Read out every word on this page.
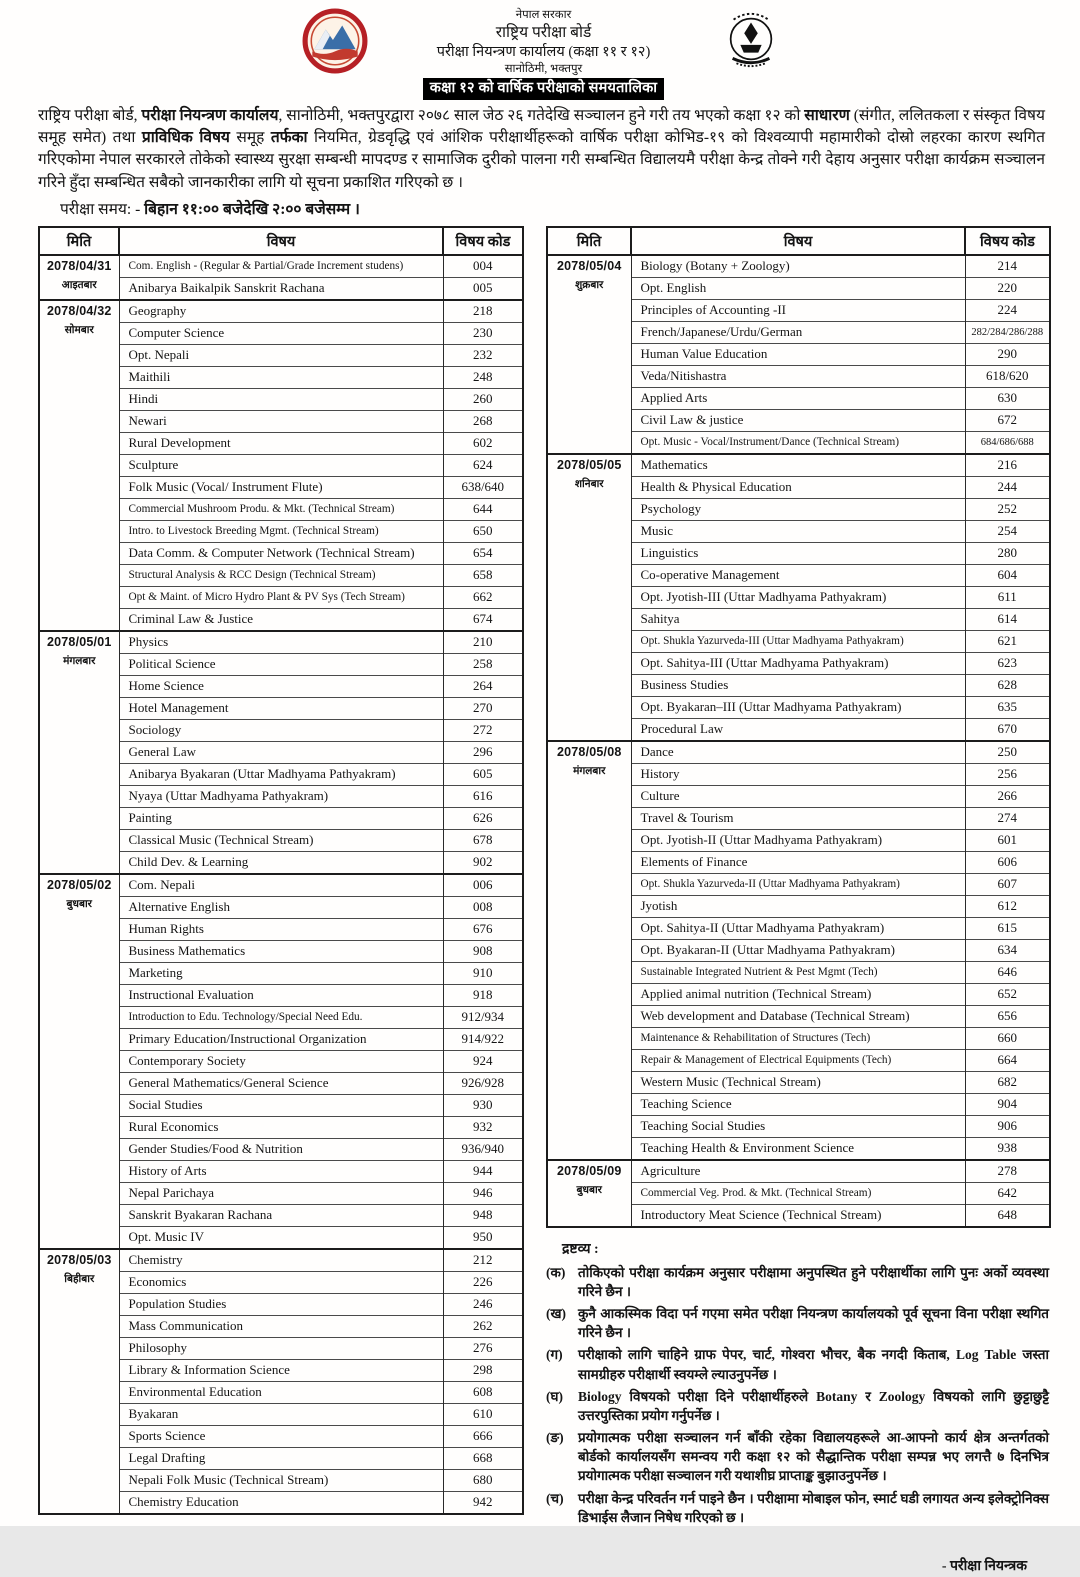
नेपाल सरकार
राष्ट्रिय परीक्षा बोर्ड
परीक्षा नियन्त्रण कार्यालय (कक्षा ११ र १२)
सानोठिमी, भक्तपुर
कक्षा १२ को वार्षिक परीक्षाको समयतालिका

राष्ट्रिय परीक्षा बोर्ड, परीक्षा नियन्त्रण कार्यालय, सानोठिमी, भक्तपुरद्वारा २०७८ साल जेठ २६ गतेदेखि सञ्चालन हुने गरी तय भएको कक्षा १२ को साधारण (संगीत, ललितकला र संस्कृत विषय समूह समेत) तथा प्राविधिक विषय समूह तर्फका नियमित, ग्रेडवृद्धि एवं आंशिक परीक्षार्थीहरूको वार्षिक परीक्षा कोभिड-१९ को विश्वव्यापी महामारीको दोस्रो लहरका कारण स्थगित गरिएकोमा नेपाल सरकारले तोकेको स्वास्थ्य सुरक्षा सम्बन्धी मापदण्ड र सामाजिक दुरीको पालना गरी सम्बन्धित विद्यालयमै परीक्षा केन्द्र तोक्ने गरी देहाय अनुसार परीक्षा कार्यक्रम सञ्चालन गरिने हुँदा सम्बन्धित सबैको जानकारीका लागि यो सूचना प्रकाशित गरिएको छ ।

परीक्षा समय: - बिहान ११:०० बजेदेखि २:०० बजेसम्म ।

मिति	विषय	विषय कोड

2078/04/31
आइतबार	Com. English - (Regular & Partial/Grade Increment studens)	004
	Anibarya Baikalpik Sanskrit Rachana	005

2078/04/32
सोमबार	Geography	218
	Computer Science	230
	Opt. Nepali	232
	Maithili	248
	Hindi	260
	Newari	268
	Rural Development	602
	Sculpture	624
	Folk Music (Vocal/ Instrument Flute)	638/640
	Commercial Mushroom Produ. & Mkt. (Technical Stream)	644
	Intro. to Livestock Breeding Mgmt. (Technical Stream)	650
	Data Comm. & Computer Network (Technical Stream)	654
	Structural Analysis & RCC Design (Technical Stream)	658
	Opt & Maint. of Micro Hydro Plant & PV Sys (Tech Stream)	662
	Criminal Law & Justice	674

2078/05/01
मंगलबार	Physics	210
	Political Science	258
	Home Science	264
	Hotel Management	270
	Sociology	272
	General Law	296
	Anibarya Byakaran (Uttar Madhyama Pathyakram)	605
	Nyaya (Uttar Madhyama Pathyakram)	616
	Painting	626
	Classical Music (Technical Stream)	678
	Child Dev. & Learning	902

2078/05/02
बुधबार	Com. Nepali	006
	Alternative English	008
	Human Rights	676
	Business Mathematics	908
	Marketing	910
	Instructional Evaluation	918
	Introduction to Edu. Technology/Special Need Edu.	912/934
	Primary Education/Instructional Organization	914/922
	Contemporary Society	924
	General Mathematics/General Science	926/928
	Social Studies	930
	Rural Economics	932
	Gender Studies/Food & Nutrition	936/940
	History of Arts	944
	Nepal Parichaya	946
	Sanskrit Byakaran Rachana	948
	Opt. Music IV	950

2078/05/03
बिहीबार	Chemistry	212
	Economics	226
	Population Studies	246
	Mass Communication	262
	Philosophy	276
	Library & Information Science	298
	Environmental Education	608
	Byakaran	610
	Sports Science	666
	Legal Drafting	668
	Nepali Folk Music (Technical Stream)	680
	Chemistry Education	942
मिति	विषय	विषय कोड

2078/05/04
शुक्रबार	Biology (Botany + Zoology)	214
	Opt. English	220
	Principles of Accounting -II	224
	French/Japanese/Urdu/German	282/284/286/288
	Human Value Education	290
	Veda/Nitishastra	618/620
	Applied Arts	630
	Civil Law & justice	672
	Opt. Music - Vocal/Instrument/Dance (Technical Stream)	684/686/688

2078/05/05
शनिबार	Mathematics	216
	Health & Physical Education	244
	Psychology	252
	Music	254
	Linguistics	280
	Co-operative Management	604
	Opt. Jyotish-III (Uttar Madhyama Pathyakram)	611
	Sahitya	614
	Opt. Shukla Yazurveda-III (Uttar Madhyama Pathyakram)	621
	Opt. Sahitya-III (Uttar Madhyama Pathyakram)	623
	Business Studies	628
	Opt. Byakaran–III (Uttar Madhyama Pathyakram)	635
	Procedural Law	670

2078/05/08
मंगलबार	Dance	250
	History	256
	Culture	266
	Travel & Tourism	274
	Opt. Jyotish-II (Uttar Madhyama Pathyakram)	601
	Elements of Finance	606
	Opt. Shukla Yazurveda-II (Uttar Madhyama Pathyakram)	607
	Jyotish	612
	Opt. Sahitya-II (Uttar Madhyama Pathyakram)	615
	Opt. Byakaran-II (Uttar Madhyama Pathyakram)	634
	Sustainable Integrated Nutrient & Pest Mgmt (Tech)	646
	Applied animal nutrition (Technical Stream)	652
	Web development and Database (Technical Stream)	656
	Maintenance & Rehabilitation of Structures (Tech)	660
	Repair & Management of Electrical Equipments (Tech)	664
	Western Music (Technical Stream)	682
	Teaching Science	904
	Teaching Social Studies	906
	Teaching Health & Environment Science	938

2078/05/09
बुधबार	Agriculture	278
	Commercial Veg. Prod. & Mkt. (Technical Stream)	642
	Introductory Meat Science (Technical Stream)	648
द्रष्टव्य :
(क) तोकिएको परीक्षा कार्यक्रम अनुसार परीक्षामा अनुपस्थित हुने परीक्षार्थीका लागि पुनः अर्को व्यवस्था गरिने छैन ।
(ख) कुनै आकस्मिक विदा पर्न गएमा समेत परीक्षा नियन्त्रण कार्यालयको पूर्व सूचना विना परीक्षा स्थगित गरिने छैन ।
(ग)	परीक्षाको लागि चाहिने ग्राफ पेपर, चार्ट, गोश्वरा भौचर, बैक नगदी किताब, Log Table जस्ता सामग्रीहरु परीक्षार्थी स्वयम्ले ल्याउनुपर्नेछ ।
(घ)	Biology विषयको परीक्षा दिने परीक्षार्थीहरुले Botany र Zoology विषयको लागि छुट्टाछुट्टै उत्तरपुस्तिका प्रयोग गर्नुपर्नेछ ।
(ङ)	प्रयोगात्मक परीक्षा सञ्चालन गर्न बाँकी रहेका विद्यालयहरूले आ-आफ्नो कार्य क्षेत्र अन्तर्गतको बोर्डको कार्यालयसँग समन्वय गरी कक्षा १२ को सैद्धान्तिक परीक्षा सम्पन्न भए लगत्तै ७ दिनभित्र प्रयोगात्मक परीक्षा सञ्चालन गरी यथाशीघ्र प्राप्ताङ्क बुझाउनुपर्नेछ ।
(च)	परीक्षा केन्द्र परिवर्तन गर्न पाइने छैन । परीक्षामा मोबाइल फोन, स्मार्ट घडी लगायत अन्य इलेक्ट्रोनिक्स डिभाईस लैजान निषेध गरिएको छ ।
- परीक्षा नियन्त्रक
